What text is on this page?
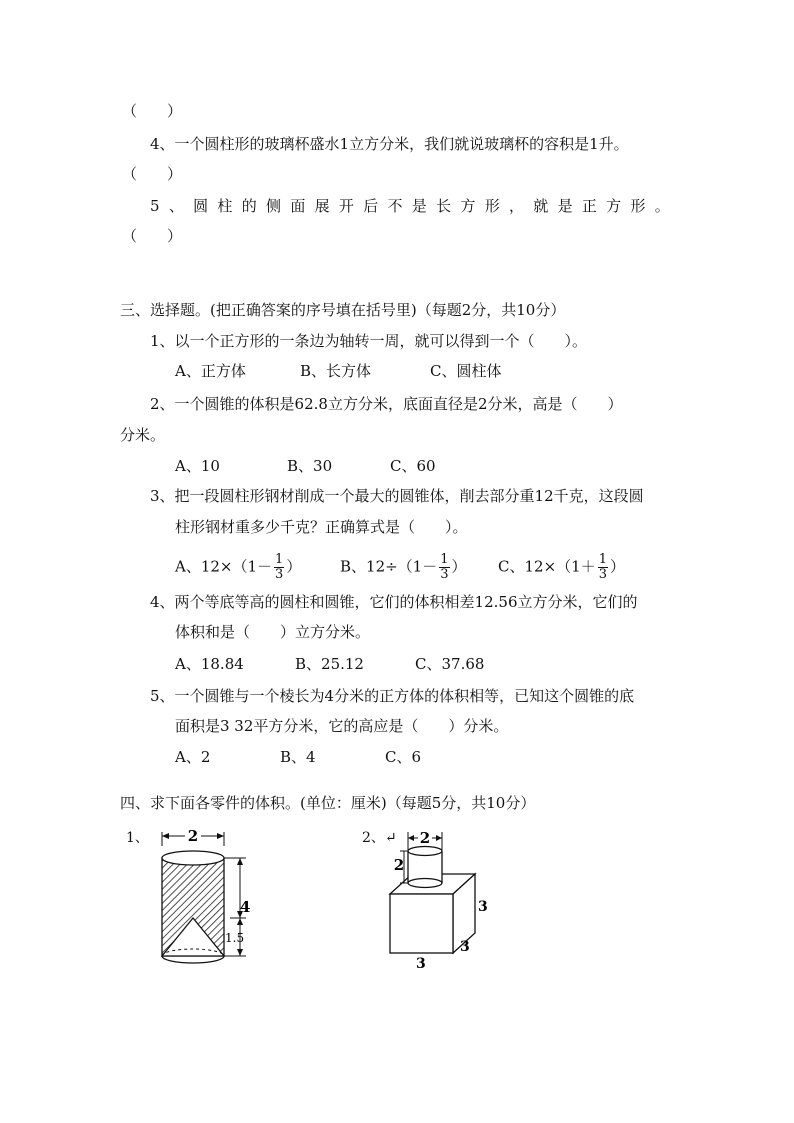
（　　）
4、一个圆柱形的玻璃杯盛水1立方分米，我们就说玻璃杯的容积是1升。
（　　）
5 、 圆 柱 的 侧 面 展 开 后 不 是 长 方 形 ， 就 是 正 方 形 。
（　　）
三、选择题。(把正确答案的序号填在括号里)（每题2分，共10分）
1、以一个正方形的一条边为轴转一周，就可以得到一个（　　）。
A、正方体	B、长方体	C、圆柱体
2、一个圆锥的体积是62.8立方分米，底面直径是2分米，高是（　　）
分米。
A、10	B、30	C、60
3、把一段圆柱形钢材削成一个最大的圆锥体，削去部分重12千克，这段圆
柱形钢材重多少千克？正确算式是（　　）。
A、$12\times(1- \frac{1}{3}$ ）	B、$12\div(1- \frac{1}{3}$ ） C、$12\times(1+ \frac{1}{3}$ ）
4、两个等底等高的圆柱和圆锥，它们的体积相差12.56立方分米，它们的
体积和是（　　）立方分米。
A、18.84	B、25.12	C、37.68
5、一个圆锥与一个棱长为4分米的正方体的体积相等，已知这个圆锥的底
面积是3 32平方分米，它的高应是（　　）分米。
A、2	B、4	C、6
四、求下面各零件的体积。(单位：厘米)（每题5分，共10分）
1、	2
4
1.5
2、↵ 2
2
3
3
3
